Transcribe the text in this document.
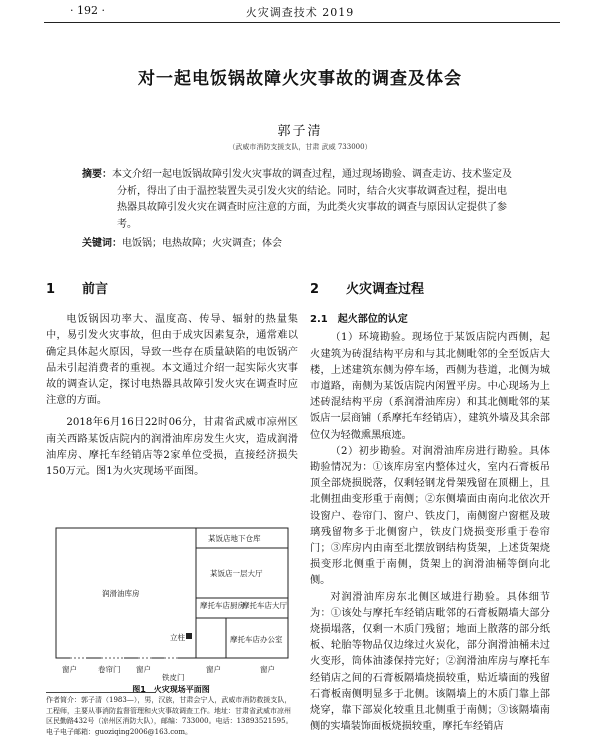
· 192 ·	火灾调查技术 2019
对一起电饭锅故障火灾事故的调查及体会
郭子清
（武威市消防支援支队，甘肃 武威 733000）

摘要：本文介绍一起电饭锅故障引发火灾事故的调查过程，通过现场勘验、调查走访、技术鉴定及分析，得出了由于温控装置失灵引发火灾的结论。同时，结合火灾事故调查过程，提出电热器具故障引发火灾在调查时应注意的方面，为此类火灾事故的调查与原因认定提供了参考。

关键词：电饭锅；电热故障；火灾调查；体会
1 前言

电饭锅因功率大、温度高、传导、辐射的热量集中，易引发火灾事故，但由于成灾因素复杂，通常难以确定具体起火原因，导致一些存在质量缺陷的电饭锅产品未引起消费者的重视。本文通过介绍一起实际火灾事故的调查认定，探讨电热器具故障引发火灾在调查时应注意的方面。

2018年6月16日22时06分，甘肃省武威市凉州区南关西路某饭店院内的润滑油库房发生火灾，造成润滑油库房、摩托车经销店等2家单位受损，直接经济损失150万元。图1为火灾现场平面图。

某饭店地下仓库
某饭店一层大厅
润滑油库房
立柱
摩托车店厨房
摩托车店大厅
摩托车店办公室
窗户	卷帘门 窗户
铁皮门
窗户	窗户
图1　火灾现场平面图
作者简介：郭子清（1983—），男，汉族，甘肃会宁人，武威市消防救援支队，工程师，主要从事消防监督管理和火灾事故调查工作。地址：甘肃省武威市凉州区民勤路432号（凉州区消防大队），邮编：733000。电话：13893521595。电子电子邮箱：guoziqing2006@163.com。
2 火灾调查过程
2.1　起火部位的认定

（1）环境勘验。现场位于某饭店院内西侧，起火建筑为砖混结构平房和与其北侧毗邻的全至饭店大楼，上述建筑东侧为停车场，西侧为巷道，北侧为城市道路，南侧为某饭店院内闲置平房。中心现场为上述砖混结构平房（系润滑油库房）和其北侧毗邻的某饭店一层商铺（系摩托车经销店），建筑外墙及其余部位仅为轻微熏黑痕迹。

（2）初步勘验。对润滑油库房进行勘验。具体勘验情况为：①该库房室内整体过火，室内石膏板吊顶全部烧损脱落，仅剩轻钢龙骨架残留在顶棚上，且北侧扭曲变形重于南侧；②东侧墙面由南向北依次开设窗户、卷帘门、窗户、铁皮门，南侧窗户窗框及玻璃残留物多于北侧窗户，铁皮门烧损变形重于卷帘门；③库房内由南至北摆放钢结构货架，上述货架烧损变形北侧重于南侧，货架上的润滑油桶等倒向北侧。

对润滑油库房东北侧区域进行勘验。具体细节为：①该处与摩托车经销店毗邻的石膏板隔墙大部分烧损塌落，仅剩一木质门残留；地面上散落的部分纸板、轮胎等物品仅边缘过火炭化，部分润滑油桶未过火变形，筒体油漆保持完好；②润滑油库房与摩托车经销店之间的石膏板隔墙烧损较重，贴近墙面的残留石膏板南侧明显多于北侧。该隔墙上的木质门靠上部烧穿，靠下部炭化较重且北侧重于南侧；③该隔墙南侧的实墙装饰面板烧损较重，摩托车经销店
